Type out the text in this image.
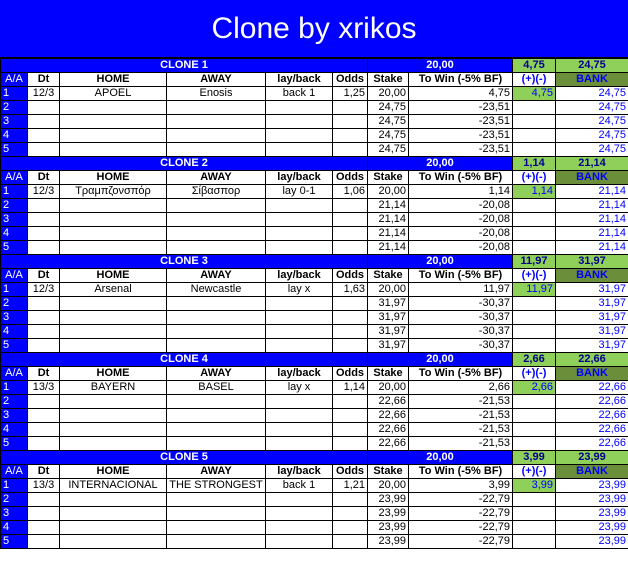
Clone by xrikos
CLONE 1						20,00		4,75	24,75
A/A	Dt	HOME	AWAY	lay/back	Odds	Stake	To Win (-5% BF)	(+)(-)	BANK
1	12/3	APOEL	Enosis	back 1	1,25	20,00	4,75	4,75	24,75
2						24,75	-23,51		24,75
3						24,75	-23,51		24,75
4						24,75	-23,51		24,75
5						24,75	-23,51		24,75
CLONE 2						20,00		1,14	21,14
A/A	Dt	HOME	AWAY	lay/back	Odds	Stake	To Win (-5% BF)	(+)(-)	BANK
1	12/3	Τραμπζονσπόρ	Σίβασπορ	lay 0-1	1,06	20,00	1,14	1,14	21,14
2						21,14	-20,08		21,14
3						21,14	-20,08		21,14
4						21,14	-20,08		21,14
5						21,14	-20,08		21,14
CLONE 3						20,00		11,97	31,97
A/A	Dt	HOME	AWAY	lay/back	Odds	Stake	To Win (-5% BF)	(+)(-)	BANK
1	12/3	Arsenal	Newcastle	lay x	1,63	20,00	11,97	11,97	31,97
2						31,97	-30,37		31,97
3						31,97	-30,37		31,97
4						31,97	-30,37		31,97
5						31,97	-30,37		31,97
CLONE 4						20,00		2,66	22,66
A/A	Dt	HOME	AWAY	lay/back	Odds	Stake	To Win (-5% BF)	(+)(-)	BANK
1	13/3	BAYERN	BASEL	lay x	1,14	20,00	2,66	2,66	22,66
2						22,66	-21,53		22,66
3						22,66	-21,53		22,66
4						22,66	-21,53		22,66
5						22,66	-21,53		22,66
CLONE 5						20,00		3,99	23,99
A/A	Dt	HOME	AWAY	lay/back	Odds	Stake	To Win (-5% BF)	(+)(-)	BANK
1	13/3	INTERNACIONAL	THE STRONGEST	back 1	1,21	20,00	3,99	3,99	23,99
2						23,99	-22,79		23,99
3						23,99	-22,79		23,99
4						23,99	-22,79		23,99
5						23,99	-22,79		23,99
